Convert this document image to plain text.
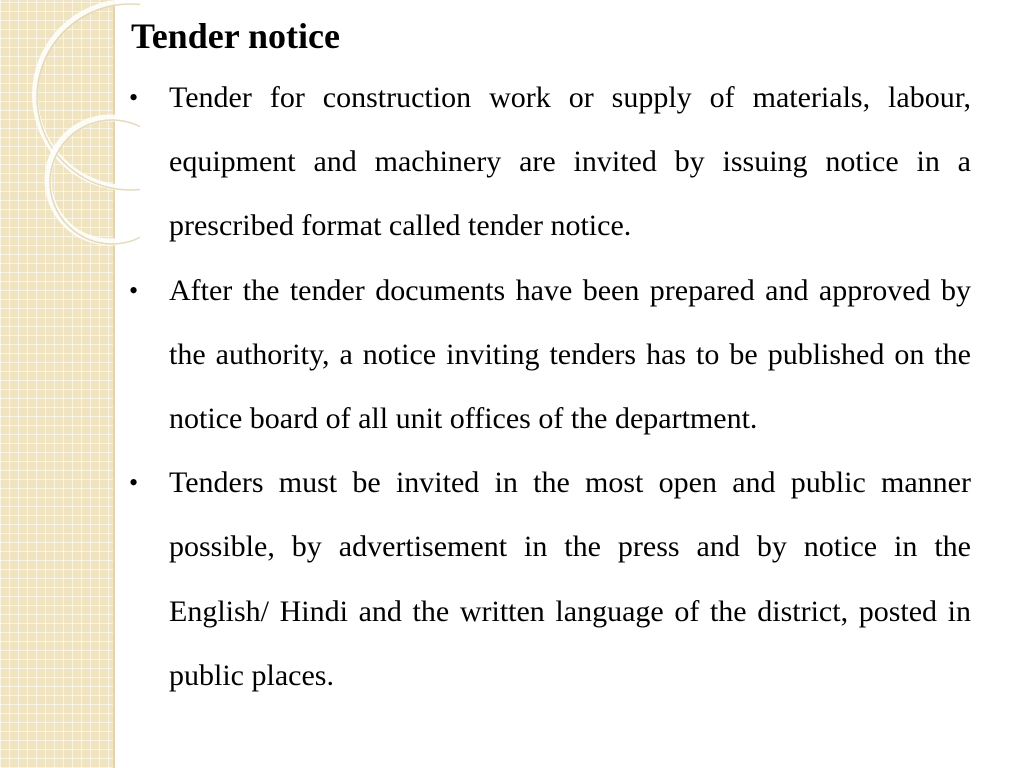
Tender notice
• Tender for construction work or supply of materials, labour, equipment and machinery are invited by issuing notice in a prescribed format called tender notice.
• After the tender documents have been prepared and approved by the authority, a notice inviting tenders has to be published on the notice board of all unit offices of the department.
• Tenders must be invited in the most open and public manner possible, by advertisement in the press and by notice in the English/ Hindi and the written language of the district, posted in public places.
